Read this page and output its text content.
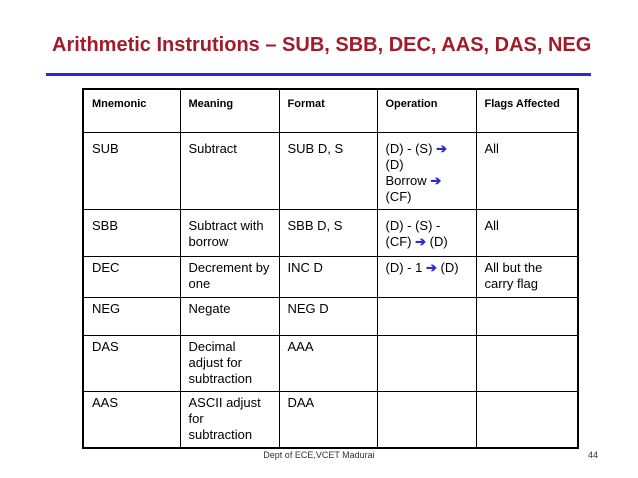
Arithmetic Instrutions – SUB, SBB, DEC, AAS, DAS, NEG
Mnemonic	Meaning	Format	Operation	Flags Affected
SUB	Subtract	SUB D, S	(D) - (S) ➔
(D)
Borrow ➔
(CF)	All
SBB	Subtract with borrow	SBB D, S	(D) - (S) - (CF) ➔ (D)	All
DEC	Decrement by one	INC D	(D) - 1 ➔ (D)	All but the carry flag
NEG	Negate	NEG D		
DAS	Decimal adjust for subtraction	AAA		
AAS	ASCII adjust for subtraction	DAA		
Dept of ECE,VCET Madurai	44
